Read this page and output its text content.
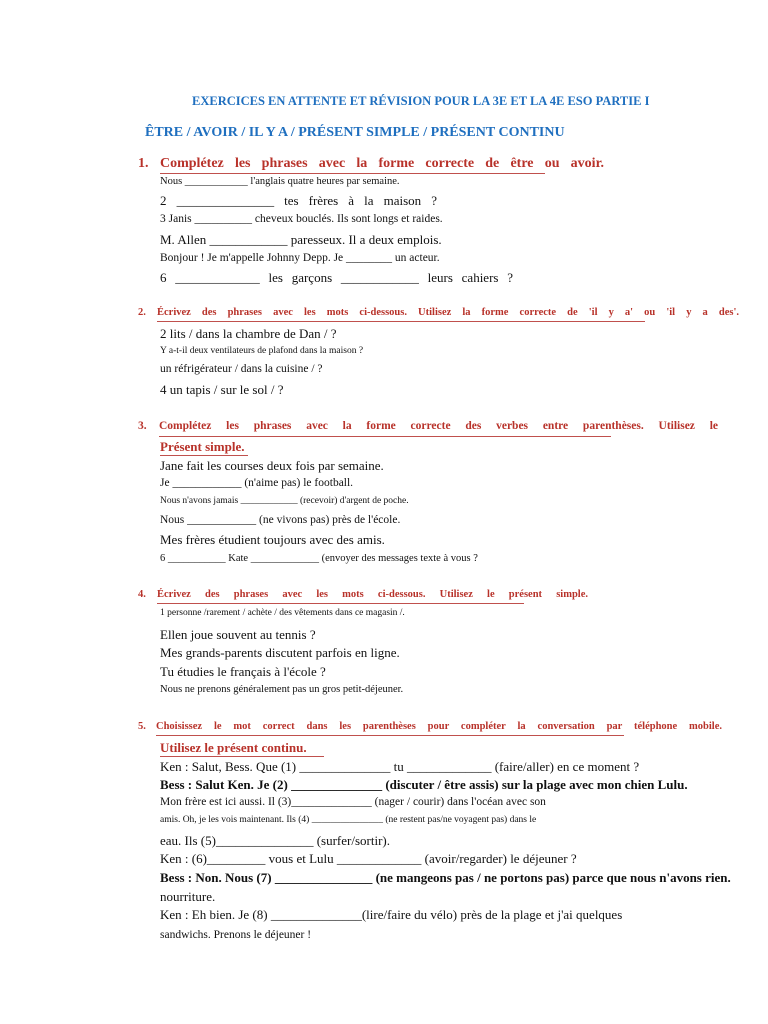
EXERCICES EN ATTENTE ET RÉVISION POUR LA 3E ET LA 4E ESO PARTIE I
ÊTRE / AVOIR / IL Y A / PRÉSENT SIMPLE / PRÉSENT CONTINU
1. Complétez les phrases avec la forme correcte de être ou avoir.
Nous ____________ l'anglais quatre heures par semaine.
2 _______________ tes frères à la maison ?
3 Janis __________ cheveux bouclés. Ils sont longs et raides.
M. Allen ____________ paresseux. Il a deux emplois.
Bonjour ! Je m'appelle Johnny Depp. Je ________ un acteur.
6 _____________ les garçons ____________ leurs cahiers ?
2. Écrivez des phrases avec les mots ci-dessous. Utilisez la forme correcte de 'il y a' ou 'il y a des'.
2 lits / dans la chambre de Dan / ?
Y a-t-il deux ventilateurs de plafond dans la maison ?
un réfrigérateur / dans la cuisine / ?
4 un tapis / sur le sol / ?
3. Complétez les phrases avec la forme correcte des verbes entre parenthèses. Utilisez le
Présent simple.
Jane fait les courses deux fois par semaine.
Je ____________ (n'aime pas) le football.
Nous n'avons jamais ____________ (recevoir) d'argent de poche.
Nous ____________ (ne vivons pas) près de l'école.
Mes frères étudient toujours avec des amis.
6 ___________ Kate _____________ (envoyer des messages texte à vous ?
4. Écrivez des phrases avec les mots ci-dessous. Utilisez le présent simple.
1 personne /rarement / achète / des vêtements dans ce magasin /.
Ellen joue souvent au tennis ?
Mes grands-parents discutent parfois en ligne.
Tu étudies le français à l'école ?
Nous ne prenons généralement pas un gros petit-déjeuner.
5. Choisissez le mot correct dans les parenthèses pour compléter la conversation par téléphone mobile.
Utilisez le présent continu.
Ken : Salut, Bess. Que (1) ______________ tu _____________ (faire/aller) en ce moment ?
Bess : Salut Ken. Je (2) ______________ (discuter / être assis) sur la plage avec mon chien Lulu.
Mon frère est ici aussi. Il (3)______________ (nager / courir) dans l'océan avec son
amis. Oh, je les vois maintenant. Ils (4) _______________ (ne restent pas/ne voyagent pas) dans le
eau. Ils (5)_______________ (surfer/sortir).
Ken : (6)_________ vous et Lulu _____________ (avoir/regarder) le déjeuner ?
Bess : Non. Nous (7) _______________ (ne mangeons pas / ne portons pas) parce que nous n'avons rien.
nourriture.
Ken : Eh bien. Je (8) ______________(lire/faire du vélo) près de la plage et j'ai quelques
sandwichs. Prenons le déjeuner !
